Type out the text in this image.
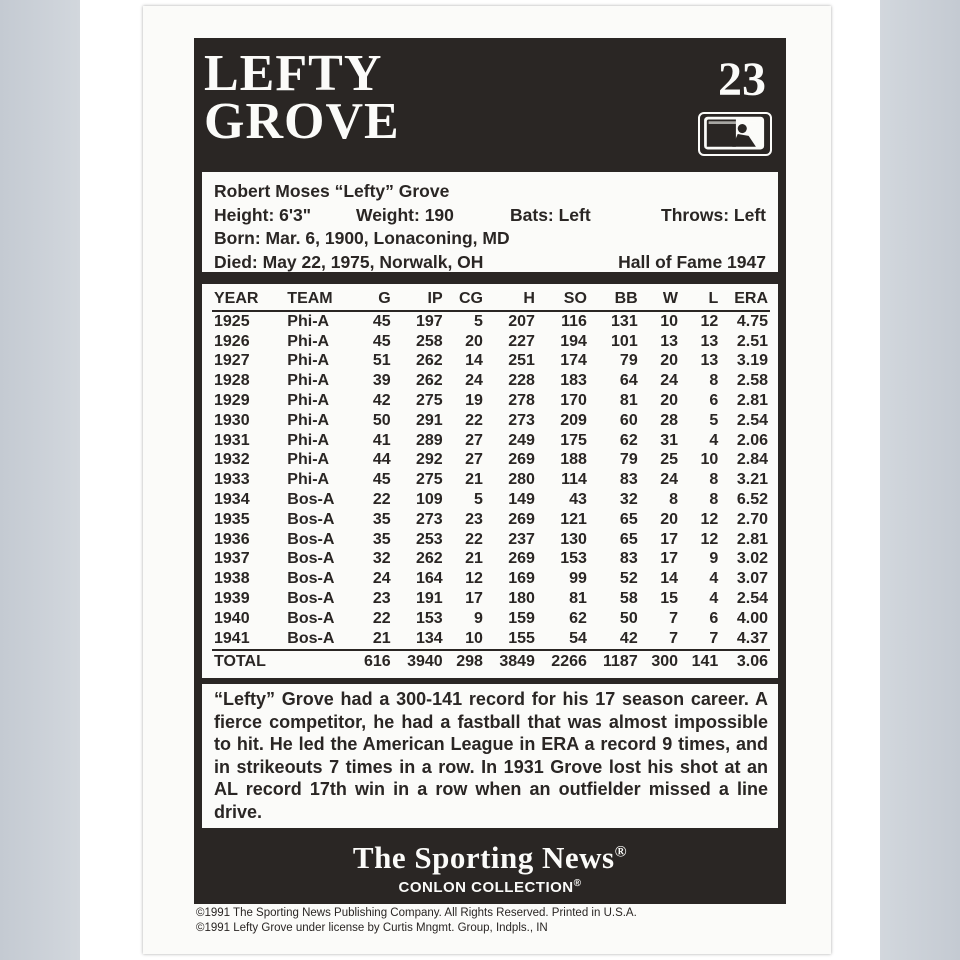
LEFTY
GROVE
23
Robert Moses “Lefty” Grove
Height: 6'3"	Weight: 190	Bats: Left	Throws: Left
Born: Mar. 6, 1900, Lonaconing, MD
Died: May 22, 1975, Norwalk, OH	Hall of Fame 1947
YEAR	TEAM	G	IP	CG	H	SO	BB	W	L	ERA
1925	Phi-A	45	197	5	207	116	131	10	12	4.75
1926	Phi-A	45	258	20	227	194	101	13	13	2.51
1927	Phi-A	51	262	14	251	174	79	20	13	3.19
1928	Phi-A	39	262	24	228	183	64	24	8	2.58
1929	Phi-A	42	275	19	278	170	81	20	6	2.81
1930	Phi-A	50	291	22	273	209	60	28	5	2.54
1931	Phi-A	41	289	27	249	175	62	31	4	2.06
1932	Phi-A	44	292	27	269	188	79	25	10	2.84
1933	Phi-A	45	275	21	280	114	83	24	8	3.21
1934	Bos-A	22	109	5	149	43	32	8	8	6.52
1935	Bos-A	35	273	23	269	121	65	20	12	2.70
1936	Bos-A	35	253	22	237	130	65	17	12	2.81
1937	Bos-A	32	262	21	269	153	83	17	9	3.02
1938	Bos-A	24	164	12	169	99	52	14	4	3.07
1939	Bos-A	23	191	17	180	81	58	15	4	2.54
1940	Bos-A	22	153	9	159	62	50	7	6	4.00
1941	Bos-A	21	134	10	155	54	42	7	7	4.37
TOTAL		616	3940	298	3849	2266	1187	300	141	3.06
“Lefty” Grove had a 300-141 record for his 17 season career. A fierce competitor, he had a fastball that was almost impossible to hit. He led the American League in ERA a record 9 times, and in strikeouts 7 times in a row. In 1931 Grove lost his shot at an AL record 17th win in a row when an outfielder missed a line drive.
The Sporting News®
CONLON COLLECTION®
©1991 The Sporting News Publishing Company. All Rights Reserved. Printed in U.S.A.
©1991 Lefty Grove under license by Curtis Mngmt. Group, Indpls., IN
